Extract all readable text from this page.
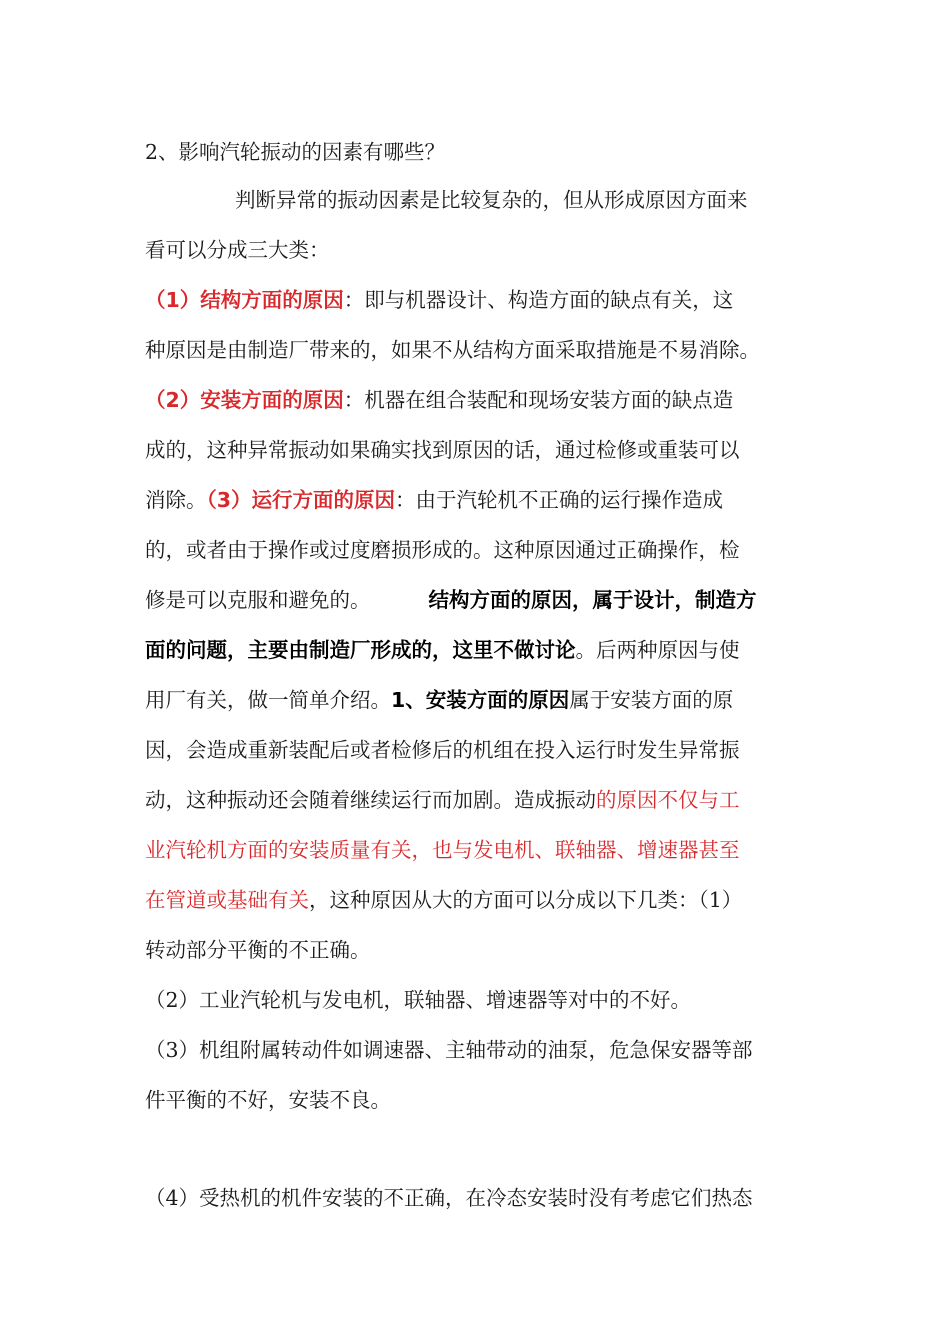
2、影响汽轮振动的因素有哪些？
判断异常的振动因素是比较复杂的，但从形成原因方面来
看可以分成三大类：
（1）结构方面的原因：即与机器设计、构造方面的缺点有关，这
种原因是由制造厂带来的，如果不从结构方面采取措施是不易消除。
（2）安装方面的原因：机器在组合装配和现场安装方面的缺点造
成的，这种异常振动如果确实找到原因的话，通过检修或重装可以
消除。（3）运行方面的原因：由于汽轮机不正确的运行操作造成
的，或者由于操作或过度磨损形成的。这种原因通过正确操作，检
修是可以克服和避免的。	结构方面的原因，属于设计，制造方
面的问题，主要由制造厂形成的，这里不做讨论。后两种原因与使
用厂有关，做一简单介绍。1、安装方面的原因属于安装方面的原
因，会造成重新装配后或者检修后的机组在投入运行时发生异常振
动，这种振动还会随着继续运行而加剧。造成振动的原因不仅与工
业汽轮机方面的安装质量有关，也与发电机、联轴器、增速器甚至
在管道或基础有关，这种原因从大的方面可以分成以下几类：（1）
转动部分平衡的不正确。
（2）工业汽轮机与发电机，联轴器、增速器等对中的不好。
（3）机组附属转动件如调速器、主轴带动的油泵，危急保安器等部
件平衡的不好，安装不良。
（4）受热机的机件安装的不正确，在冷态安装时没有考虑它们热态
